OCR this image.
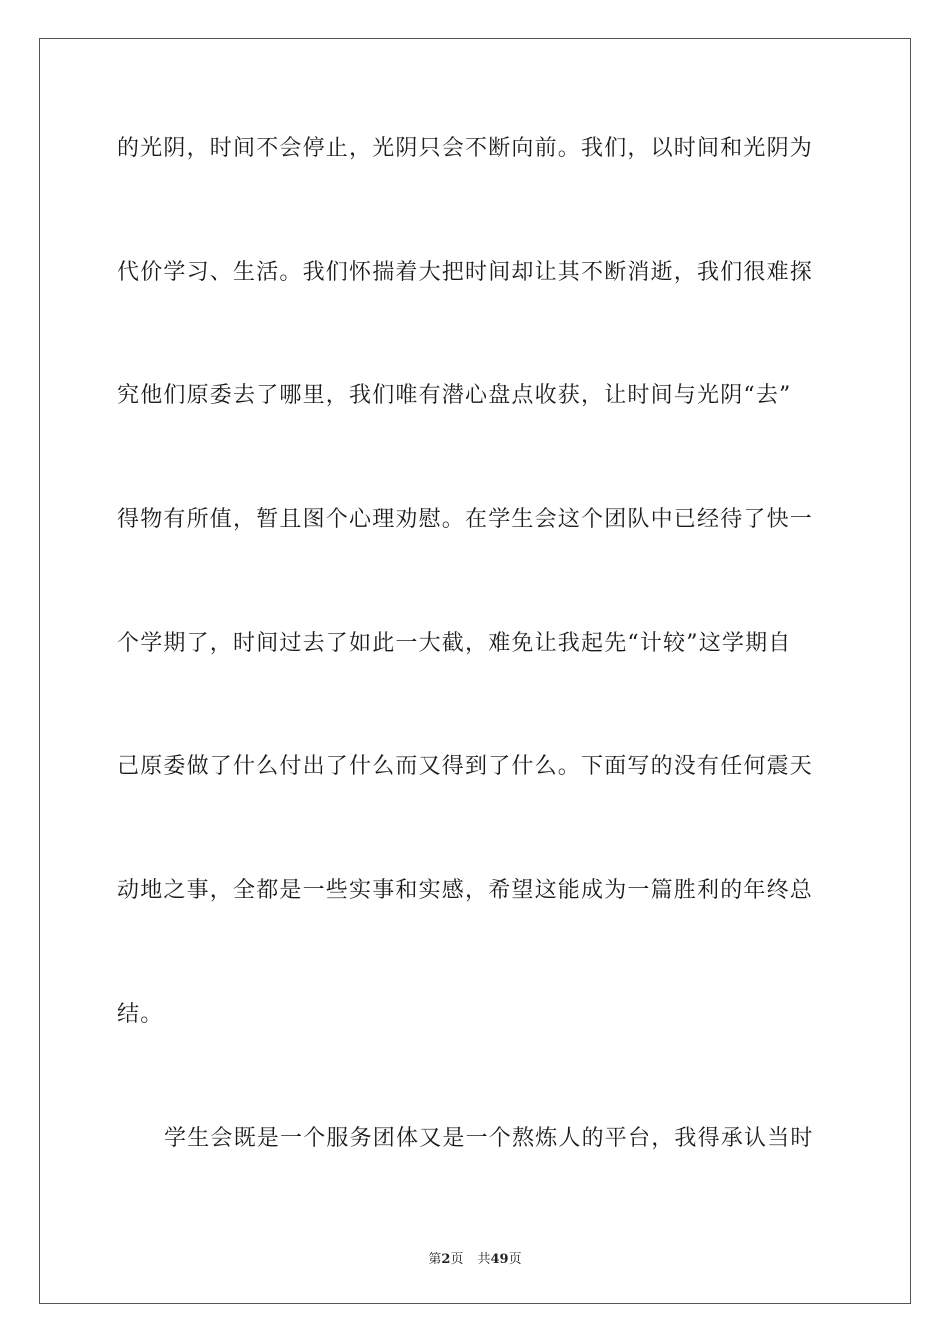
的光阴，时间不会停止，光阴只会不断向前。我们，以时间和光阴为

代价学习、生活。我们怀揣着大把时间却让其不断消逝，我们很难探

究他们原委去了哪里，我们唯有潜心盘点收获，让时间与光阴“去”

得物有所值，暂且图个心理劝慰。在学生会这个团队中已经待了快一

个学期了，时间过去了如此一大截，难免让我起先“计较”这学期自

己原委做了什么付出了什么而又得到了什么。下面写的没有任何震天

动地之事，全都是一些实事和实感，希望这能成为一篇胜利的年终总

结。

学生会既是一个服务团体又是一个熬炼人的平台，我得承认当时

第2页 共49页
